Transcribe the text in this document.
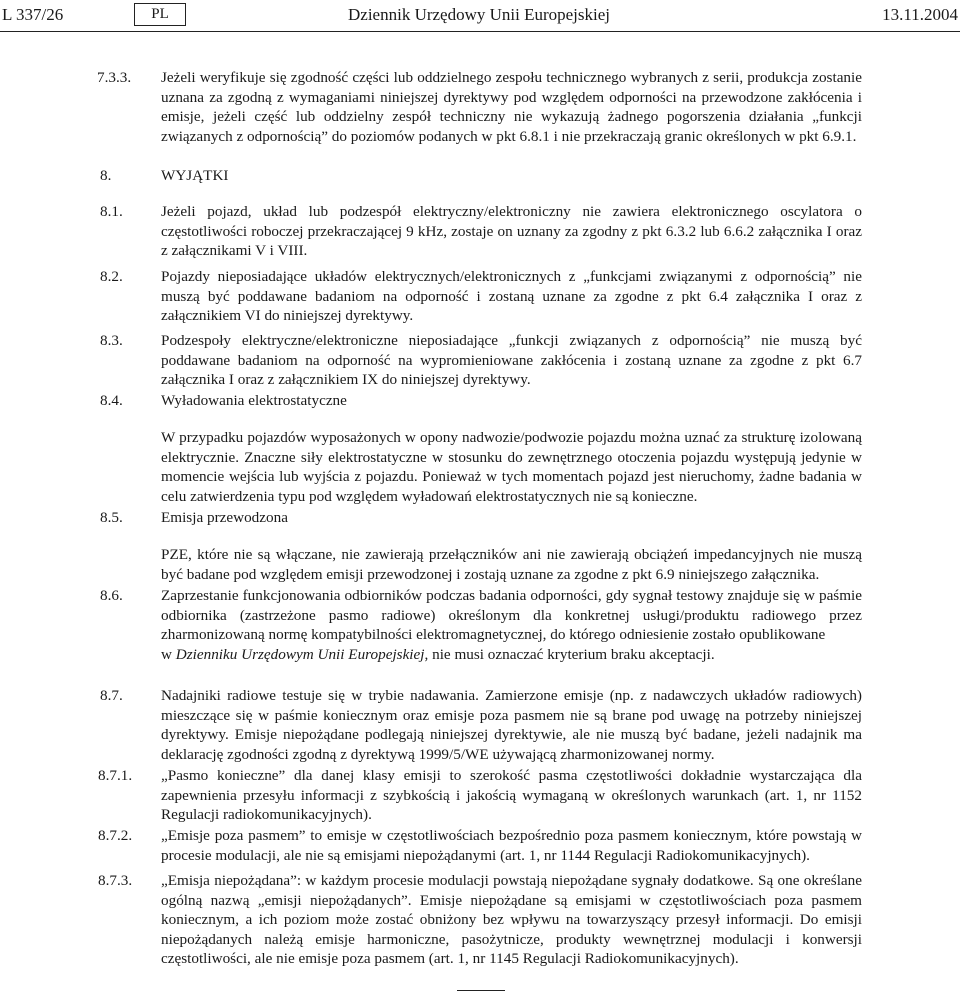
L 337/26	PL	Dziennik Urzędowy Unii Europejskiej	13.11.2004
7.3.3. Jeżeli weryfikuje się zgodność części lub oddzielnego zespołu technicznego wybranych z serii, produkcja zostanie uznana za zgodną z wymaganiami niniejszej dyrektywy pod względem odporności na przewodzone zakłócenia i emisje, jeżeli część lub oddzielny zespół techniczny nie wykazują żadnego pogorszenia działania „funkcji związanych z odpornością” do poziomów podanych w pkt 6.8.1 i nie przekraczają granic określonych w pkt 6.9.1.
8.	WYJĄTKI
8.1.	Jeżeli pojazd, układ lub podzespół elektryczny/elektroniczny nie zawiera elektronicznego oscylatora o częstotliwości roboczej przekraczającej 9 kHz, zostaje on uznany za zgodny z pkt 6.3.2 lub 6.6.2 załącznika I oraz z załącznikami V i VIII.
8.2.	Pojazdy nieposiadające układów elektrycznych/elektronicznych z „funkcjami związanymi z odpornością” nie muszą być poddawane badaniom na odporność i zostaną uznane za zgodne z pkt 6.4 załącznika I oraz z załącznikiem VI do niniejszej dyrektywy.
8.3.	Podzespoły elektryczne/elektroniczne nieposiadające „funkcji związanych z odpornością” nie muszą być poddawane badaniom na odporność na wypromieniowane zakłócenia i zostaną uznane za zgodne z pkt 6.7 załącznika I oraz z załącznikiem IX do niniejszej dyrektywy.
8.4.	Wyładowania elektrostatyczne
W przypadku pojazdów wyposażonych w opony nadwozie/podwozie pojazdu można uznać za strukturę izolowaną elektrycznie. Znaczne siły elektrostatyczne w stosunku do zewnętrznego otoczenia pojazdu występują jedynie w momencie wejścia lub wyjścia z pojazdu. Ponieważ w tych momentach pojazd jest nieruchomy, żadne badania w celu zatwierdzenia typu pod względem wyładowań elektrostatycznych nie są konieczne.
8.5.	Emisja przewodzona
PZE, które nie są włączane, nie zawierają przełączników ani nie zawierają obciążeń impedancyjnych nie muszą być badane pod względem emisji przewodzonej i zostają uznane za zgodne z pkt 6.9 niniejszego załącznika.
8.6.	Zaprzestanie funkcjonowania odbiorników podczas badania odporności, gdy sygnał testowy znajduje się w paśmie odbiornika (zastrzeżone pasmo radiowe) określonym dla konkretnej usługi/produktu radiowego przez zharmonizowaną normę kompatybilności elektromagnetycznej, do którego odniesienie zostało opublikowane

w Dzienniku Urzędowym Unii Europejskiej, nie musi oznaczać kryterium braku akceptacji.

8.7.	Nadajniki radiowe testuje się w trybie nadawania. Zamierzone emisje (np. z nadawczych układów radiowych) mieszczące się w paśmie koniecznym oraz emisje poza pasmem nie są brane pod uwagę na potrzeby niniejszej dyrektywy. Emisje niepożądane podlegają niniejszej dyrektywie, ale nie muszą być badane, jeżeli nadajnik ma deklarację zgodności zgodną z dyrektywą 1999/5/WE używającą zharmonizowanej normy.
8.7.1. „Pasmo konieczne” dla danej klasy emisji to szerokość pasma częstotliwości dokładnie wystarczająca dla zapewnienia przesyłu informacji z szybkością i jakością wymaganą w określonych warunkach (art. 1, nr 1152 Regulacji radiokomunikacyjnych).
8.7.2. „Emisje poza pasmem” to emisje w częstotliwościach bezpośrednio poza pasmem koniecznym, które powstają w procesie modulacji, ale nie są emisjami niepożądanymi (art. 1, nr 1144 Regulacji Radiokomunikacyjnych).
8.7.3. „Emisja niepożądana”: w każdym procesie modulacji powstają niepożądane sygnały dodatkowe. Są one określane ogólną nazwą „emisji niepożądanych”. Emisje niepożądane są emisjami w częstotliwościach poza pasmem koniecznym, a ich poziom może zostać obniżony bez wpływu na towarzyszący przesył informacji. Do emisji niepożądanych należą emisje harmoniczne, pasożytnicze, produkty wewnętrznej modulacji i konwersji częstotliwości, ale nie emisje poza pasmem (art. 1, nr 1145 Regulacji Radiokomunikacyjnych).
